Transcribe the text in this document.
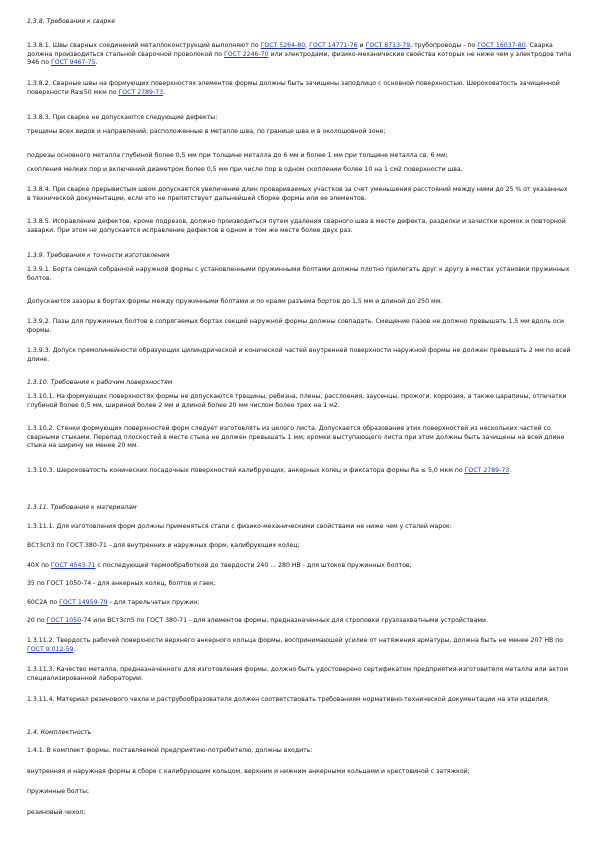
1.3.8. Требования к сварке

1.3.8.1. Швы сварных соединений металлоконструкций выполняют по ГОСТ 5264-80, ГОСТ 14771-76 и ГОСТ 8713-79, трубопроводы - по ГОСТ 16037-80. Сварка должна производиться стальной сварочной проволокой по ГОСТ 2246-70 или электродами, физико-механические свойства которых не ниже чем у электродов типа Э46 по ГОСТ 9467-75.

1.3.8.2. Сварные швы на формующих поверхностях элементов формы должны быть зачищены заподлицо с основной поверхностью. Шероховатость зачищенной поверхности Ra≤50 мкм по ГОСТ 2789-73.

1.3.8.3. При сварке не допускаются следующие дефекты:

трещины всех видов и направлений, расположенные в металле шва, по границе шва и в околошовной зоне;

подрезы основного металла глубиной более 0,5 мм при толщине металла до 6 мм и более 1 мм при толщине металла св. 6 мм;

скопления мелких пор и включений диаметром более 0,5 мм при числе пор в одном скоплении более 10 на 1 см2 поверхности шва.

1.3.8.4. При сварке прерывистым швом допускается увеличение длин провариваемых участков за счет уменьшения расстояний между ними до 25 % от указанных в технической документации, если это не препятствует дальнейшей сборке формы или ее элементов.

1.3.8.5. Исправление дефектов, кроме подрезов, должно производиться путем удаления сварного шва в месте дефекта, разделки и зачистки кромок и повторной заварки. При этом не допускается исправление дефектов в одном и том же месте более двух раз.

1.3.9. Требования к точности изготовления

1.3.9.1. Борта секций собранной наружной формы с установленными пружинными болтами должны плотно прилегать друг к другу в местах установки пружинных болтов.

Допускаются зазоры в бортах формы между пружинными болтами и по краям разъема бортов до 1,5 мм и длиной до 250 мм.

1.3.9.2. Пазы для пружинных болтов в сопрягаемых бортах секций наружной формы должны совпадать. Смещение пазов не должно превышать 1,5 мм вдоль оси формы.

1.3.9.3. Допуск прямолинейности образующих цилиндрической и конической частей внутренней поверхности наружной формы не должен превышать 2 мм по всей длине.

1.3.10. Требования к рабочим поверхностям

1.3.10.1. На формующих поверхностях формы не допускаются трещины, ребизна, плены, расслоения, заусенцы, прожоги, коррозия, а также царапины, отпечатки глубиной более 0,5 мм, шириной более 2 мм и длиной более 20 мм числом более трех на 1 м2.

1.3.10.2. Стенки формующих поверхностей форм следует изготовлять из целого листа. Допускается образование этих поверхностей из нескольких частей со сварными стыками. Перепад плоскостей в месте стыка не должен превышать 1 мм; кромки выступающего листа при этом должны быть зачищены на всей длине стыка на ширину не менее 20 мм.

1.3.10.3. Шероховатость конических посадочных поверхностей калибрующих, анкерных колец и фиксатора формы Ra ≤ 5,0 мкм по ГОСТ 2789-73.

1.3.11. Требования к материалам

1.3.11.1. Для изготовления форм должны применяться стали с физико-механическими свойствами не ниже чем у сталей марок:

ВСт3сп3 по ГОСТ 380-71 - для внутренних и наружных форм, калибрующих колец;

40Х по ГОСТ 4543-71 с последующей термообработкой до твердости 240 ... 280 НВ - для штоков пружинных болтов;

35 по ГОСТ 1050-74 - для анкерных колец, болтов и гаек;

60С2А по ГОСТ 14959-79 - для тарельчатых пружин;

20 по ГОСТ 1050-74 или ВСт3сп5 по ГОСТ 380-71 - для элементов формы, предназначенных для строповки грузозахватными устройствами.

1.3.11.2. Твердость рабочей поверхности верхнего анкерного кольца формы, воспринимающей усилие от натяжения арматуры, должна быть не менее 207 НВ по ГОСТ 9.012-59.

1.3.11.3. Качество металла, предназначенного для изготовления формы, должно быть удостоверено сертификатом предприятия-изготовителя металла или актом специализированной лаборатории.

1.3.11.4. Материал резинового чехла и раструбообразователя должен соответствовать требованиям нормативно-технической документации на эти изделия.

1.4. Комплектность

1.4.1. В комплект формы, поставляемой предприятию-потребителю, должны входить:

внутренняя и наружная формы в сборе с калибрующим кольцом, верхним и нижним анкерными кольцами и крестовиной с затяжкой;

пружинные болты;

резиновый чехол;
